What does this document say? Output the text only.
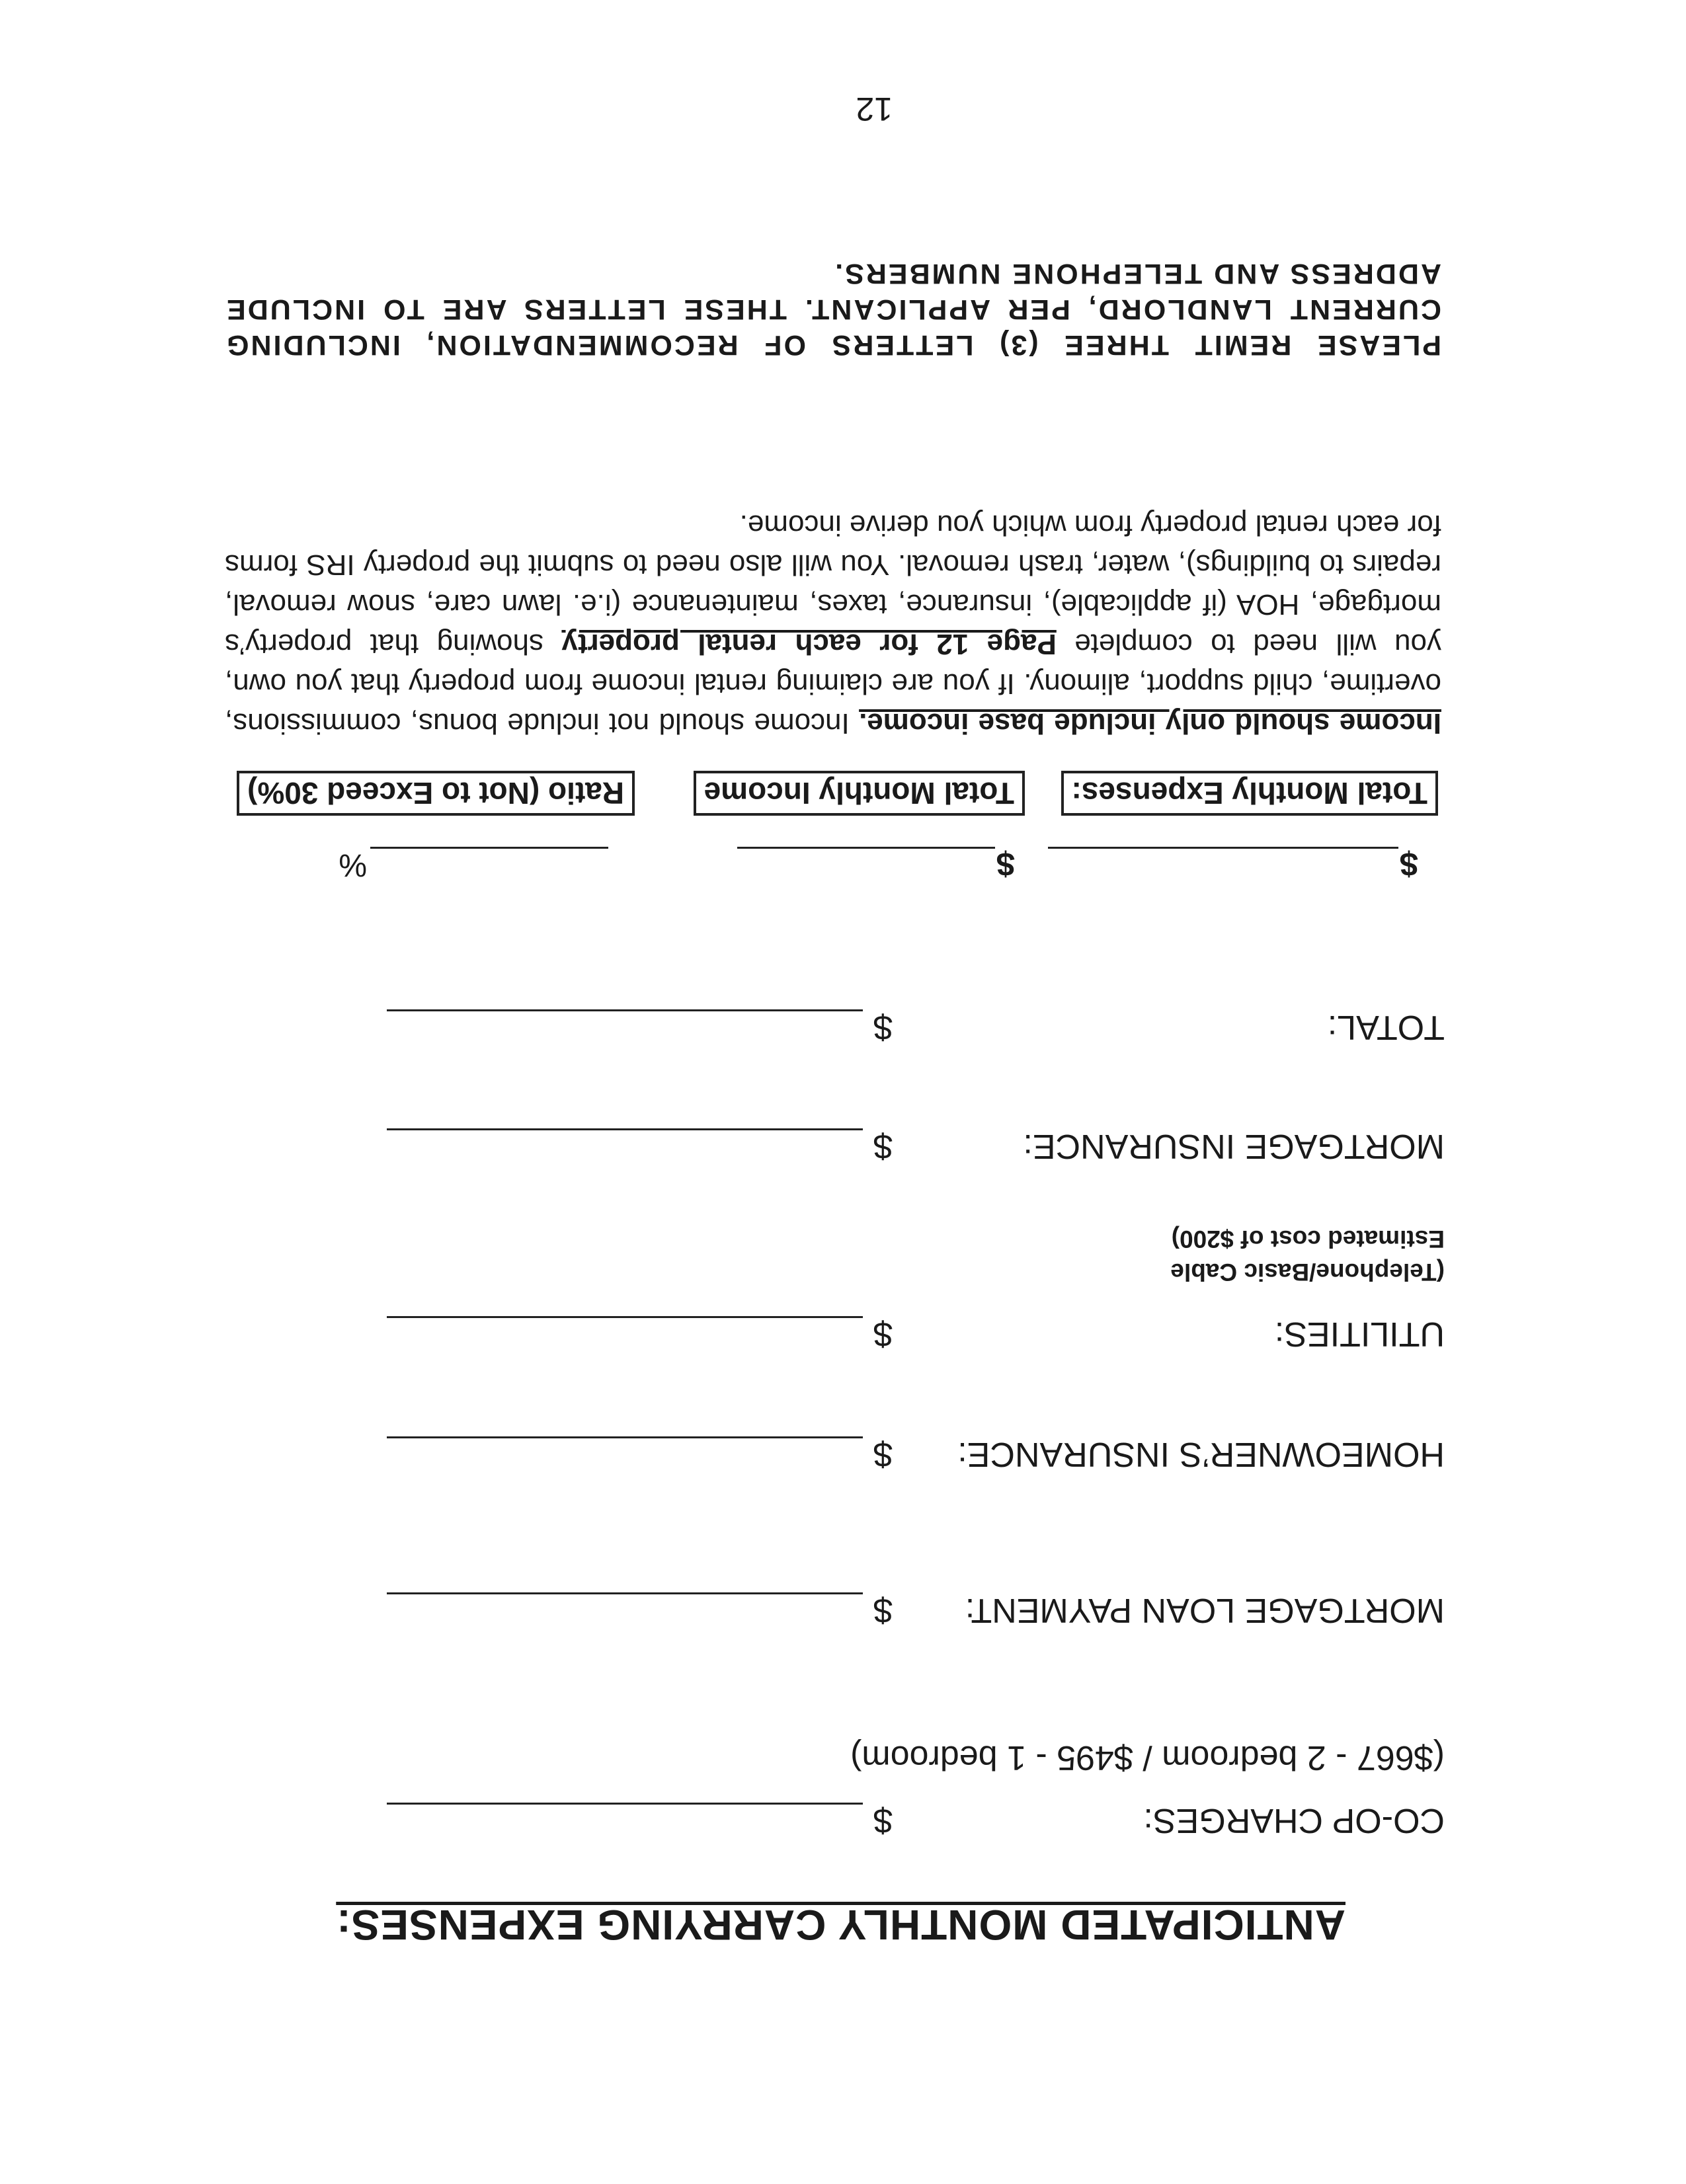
ANTICIPATED MONTHLY CARRYING EXPENSES:
CO-OP CHARGES:
$
($667 - 2 bedroom / $495 - 1 bedroom)
MORTGAGE LOAN PAYMENT:
$
HOMEOWNER’S INSURANCE:
$
UTILITIES:
$
(Telephone/Basic Cable Estimated cost of $200)
MORTGAGE INSURANCE:
$
TOTAL:
$
$
Total Monthly Expenses:
$
Total Monthly Income
%
Ratio (Not to Exceed 30%)
Income should only include base income. Income should not include bonus, commissions, overtime, child support, alimony. If you are claiming rental income from property that you own, you will need to complete Page 12 for each rental property showing that property’s mortgage, HOA (if applicable), insurance, taxes, maintenance (i.e. lawn care, snow removal, repairs to buildings), water, trash removal. You will also need to submit the property IRS forms for each rental property from which you derive income.
PLEASE REMIT THREE (3) LETTERS OF RECOMMENDATION, INCLUDING CURRENT LANDLORD, PER APPLICANT. THESE LETTERS ARE TO INCLUDE ADDRESS AND TELEPHONE NUMBERS.
12
